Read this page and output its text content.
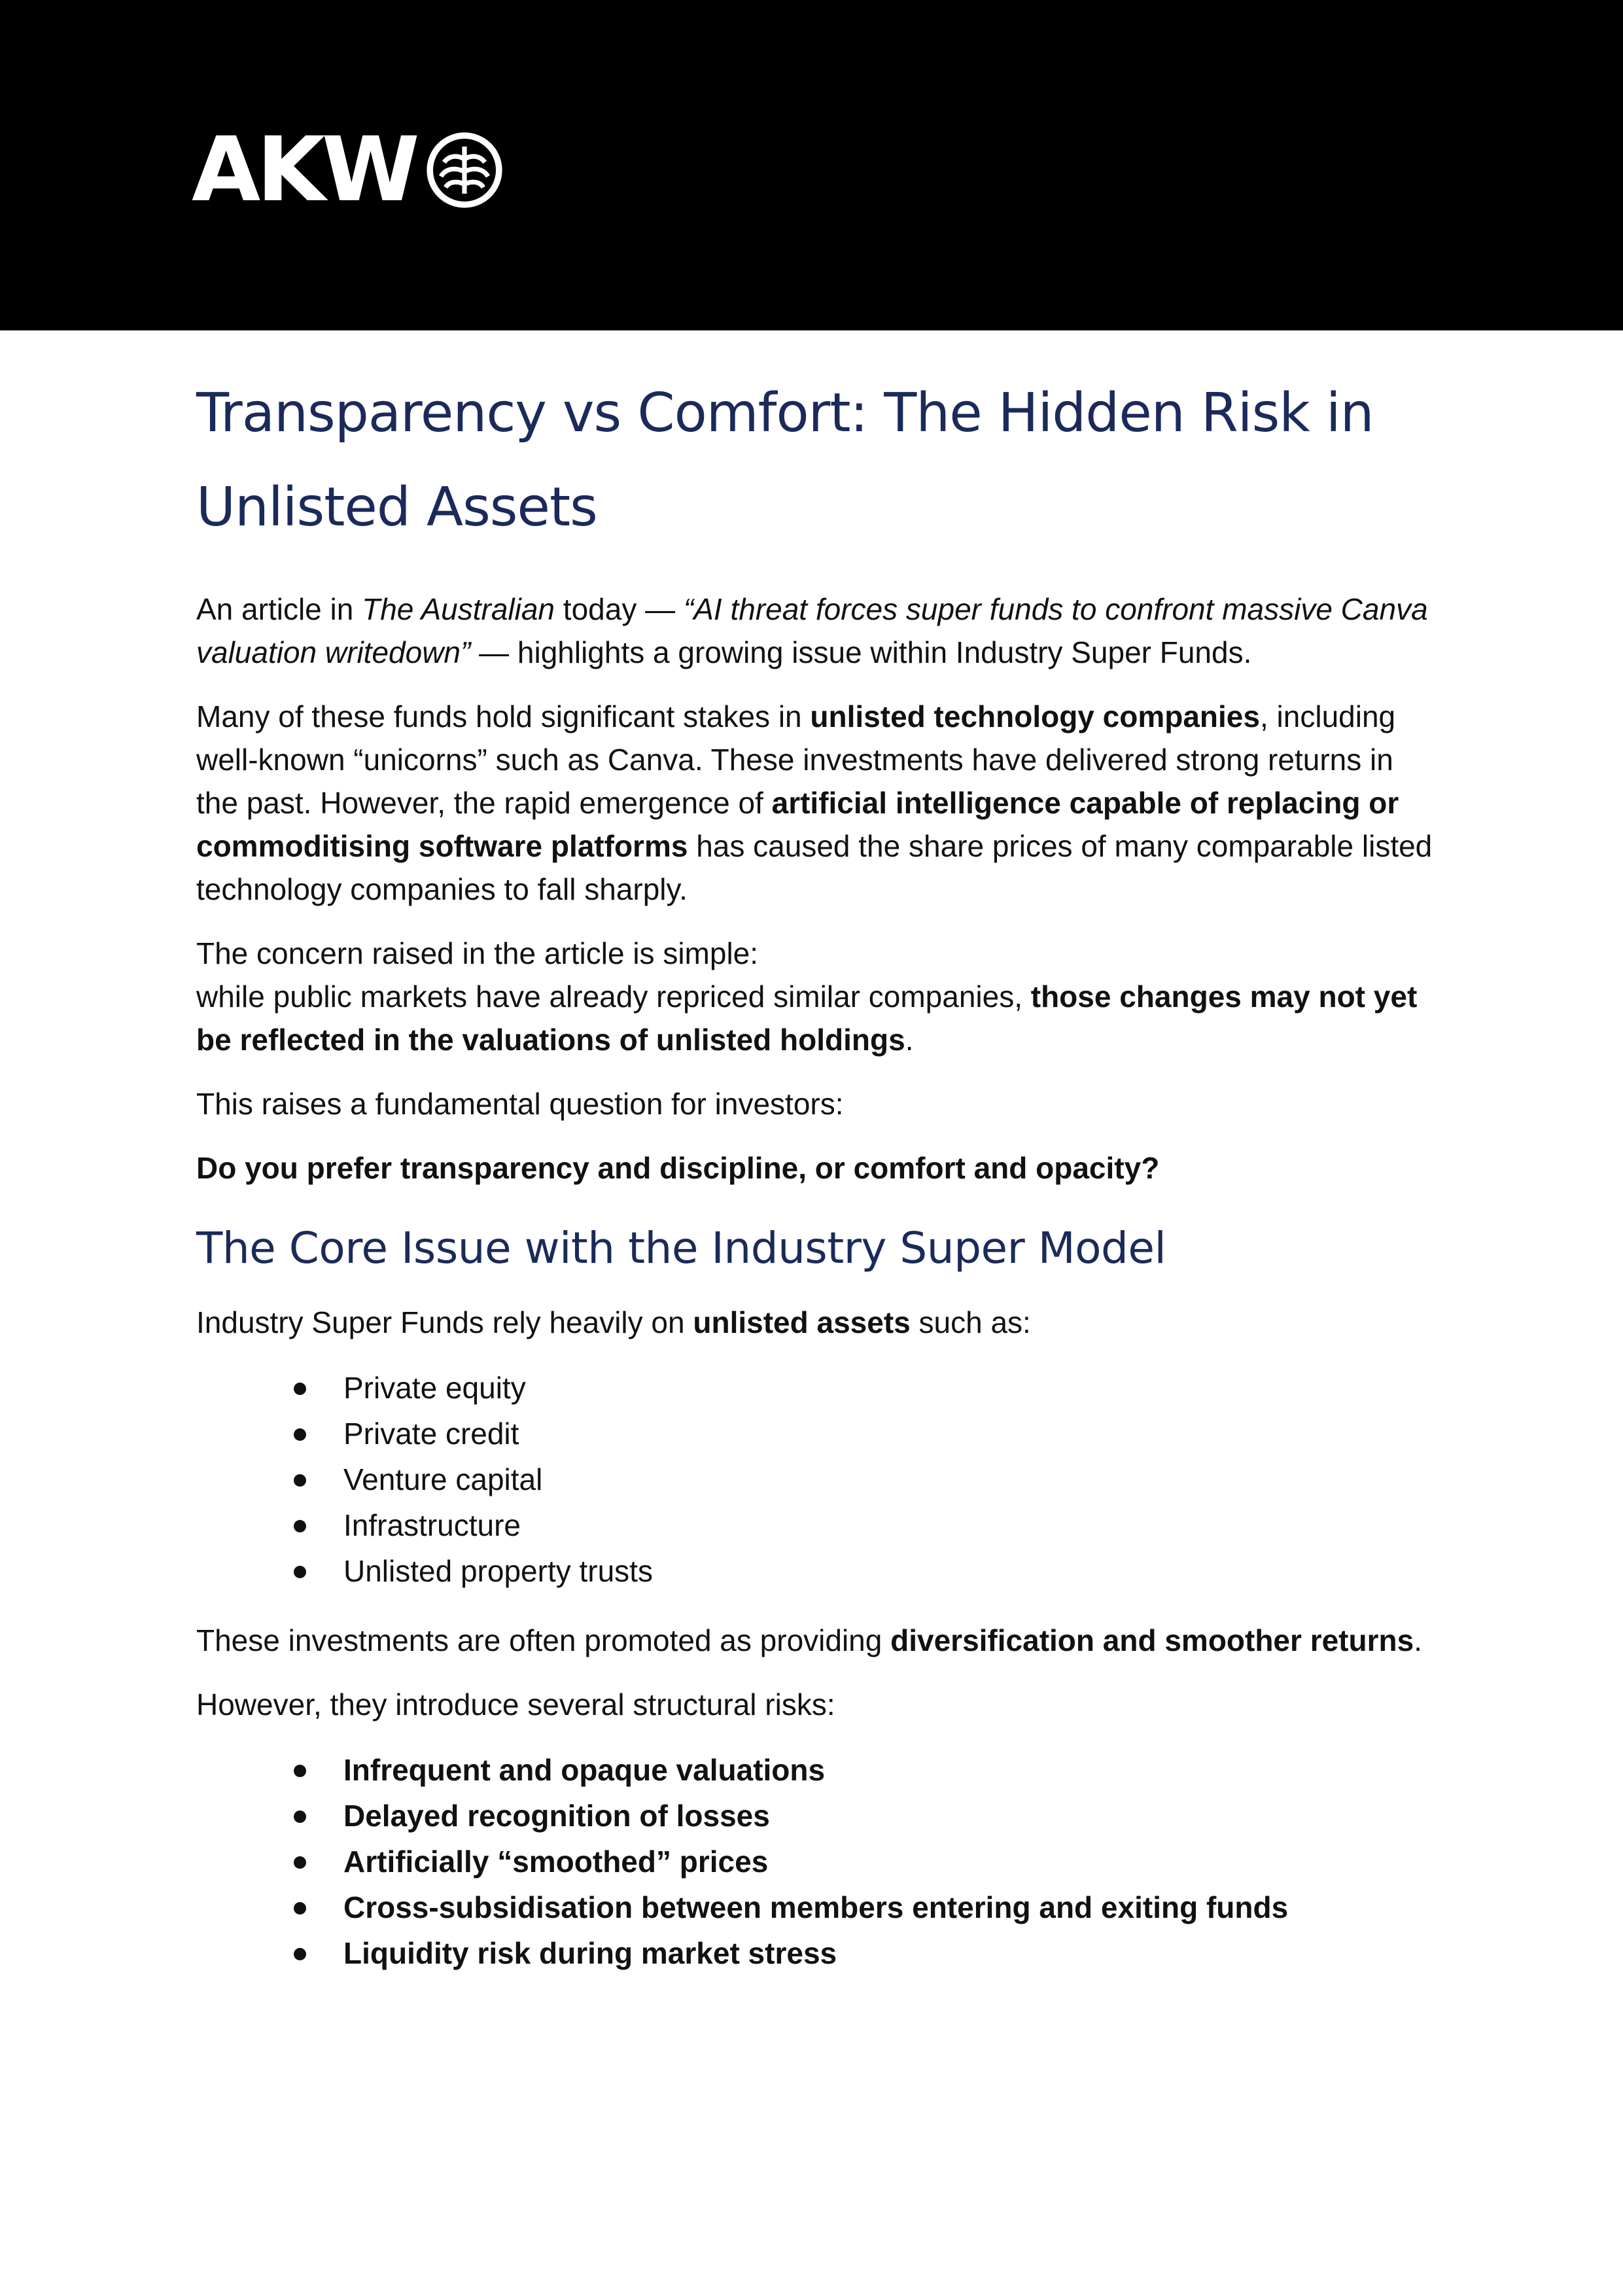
AKW
Transparency vs Comfort: The Hidden Risk in Unlisted Assets

An article in The Australian today — “AI threat forces super funds to confront massive Canva valuation writedown” — highlights a growing issue within Industry Super Funds.

Many of these funds hold significant stakes in unlisted technology companies, including well-known “unicorns” such as Canva. These investments have delivered strong returns in the past. However, the rapid emergence of artificial intelligence capable of replacing or commoditising software platforms has caused the share prices of many comparable listed technology companies to fall sharply.

The concern raised in the article is simple:
while public markets have already repriced similar companies, those changes may not yet be reflected in the valuations of unlisted holdings.

This raises a fundamental question for investors:

Do you prefer transparency and discipline, or comfort and opacity?

The Core Issue with the Industry Super Model

Industry Super Funds rely heavily on unlisted assets such as:

Private equity
Private credit
Venture capital
Infrastructure
Unlisted property trusts

These investments are often promoted as providing diversification and smoother returns.

However, they introduce several structural risks:

Infrequent and opaque valuations
Delayed recognition of losses
Artificially “smoothed” prices
Cross-subsidisation between members entering and exiting funds
Liquidity risk during market stress
